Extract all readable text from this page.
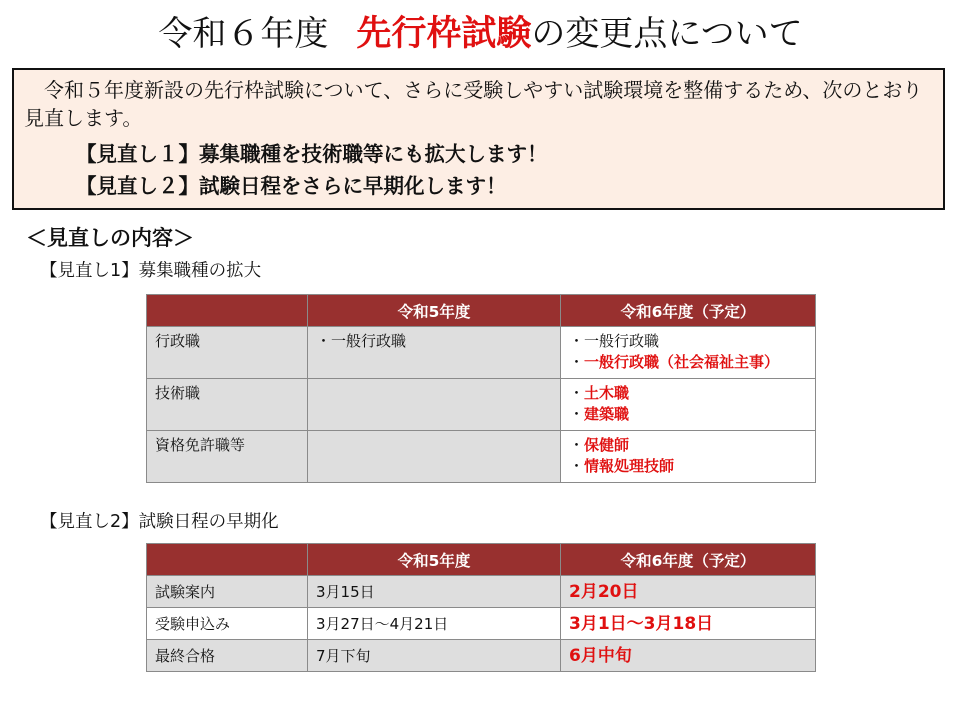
令和６年度 先行枠試験の変更点について

令和５年度新設の先行枠試験について、さらに受験しやすい試験環境を整備するため、次のとおり見直します。

【見直し１】募集職種を技術職等にも拡大します！

【見直し２】試験日程をさらに早期化します！

＜見直しの内容＞
【見直し1】募集職種の拡大
	令和5年度	令和6年度（予定）
行政職	・一般行政職	・一般行政職
・一般行政職（社会福祉主事）

技術職		・土木職
・建築職

資格免許職等		・保健師
・情報処理技師
【見直し2】試験日程の早期化
	令和5年度	令和6年度（予定）
試験案内	3月15日	2月20日
受験申込み	3月27日～4月21日	3月1日～3月18日
最終合格	7月下旬	6月中旬
